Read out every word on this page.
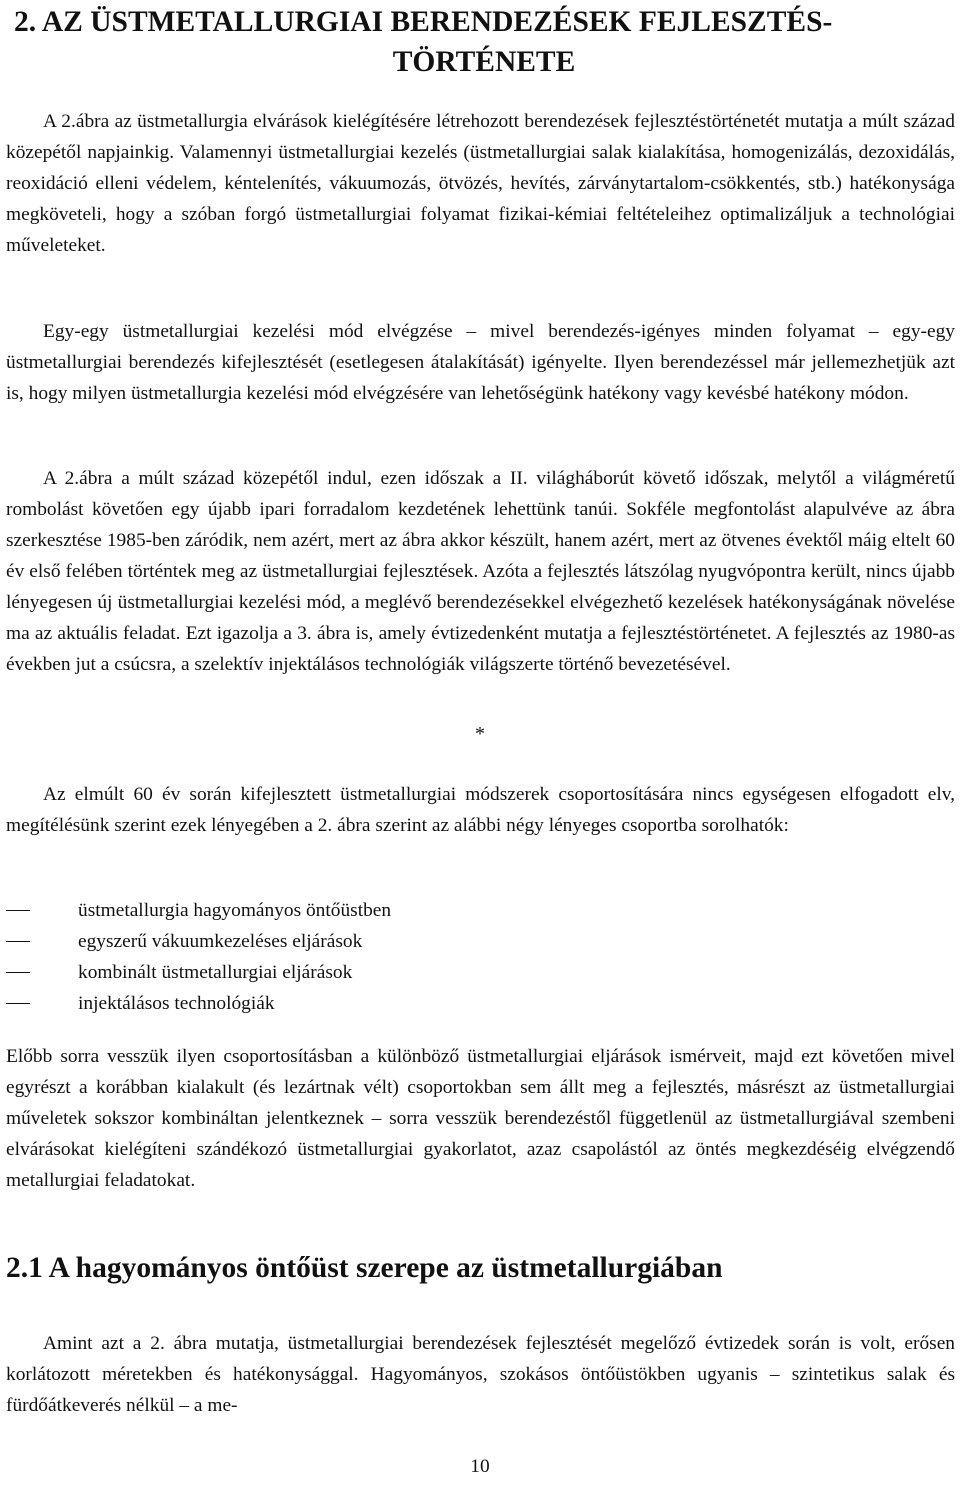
2. AZ ÜSTMETALLURGIAI BERENDEZÉSEK FEJLESZTÉS-
TÖRTÉNETE

A 2.ábra az üstmetallurgia elvárások kielégítésére létrehozott berendezések fejlesztéstörténetét mutatja a múlt század közepétől napjainkig. Valamennyi üstmetallurgiai kezelés (üstmetallurgiai salak kialakítása, homogenizálás, dezoxidálás, reoxidáció elleni védelem, kéntelenítés, vákuumozás, ötvözés, hevítés, zárványtartalom-csökkentés, stb.) hatékonysága megköveteli, hogy a szóban forgó üstmetallurgiai folyamat fizikai-kémiai feltételeihez optimalizáljuk a technológiai műveleteket.

Egy-egy üstmetallurgiai kezelési mód elvégzése ‒ mivel berendezés-igényes minden folyamat ‒ egy-egy üstmetallurgiai berendezés kifejlesztését (esetlegesen átalakítását) igényelte. Ilyen berendezéssel már jellemezhetjük azt is, hogy milyen üstmetallurgia kezelési mód elvégzésére van lehetőségünk hatékony vagy kevésbé hatékony módon.

A 2.ábra a múlt század közepétől indul, ezen időszak a II. világháborút követő időszak, melytől a világméretű rombolást követően egy újabb ipari forradalom kezdetének lehettünk tanúi. Sokféle megfontolást alapulvéve az ábra szerkesztése 1985-ben záródik, nem azért, mert az ábra akkor készült, hanem azért, mert az ötvenes évektől máig eltelt 60 év első felében történtek meg az üstmetallurgiai fejlesztések. Azóta a fejlesztés látszólag nyugvópontra került, nincs újabb lényegesen új üstmetallurgiai kezelési mód, a meglévő berendezésekkel elvégezhető kezelések hatékonyságának növelése ma az aktuális feladat. Ezt igazolja a 3. ábra is, amely évtizedenként mutatja a fejlesztéstörténetet. A fejlesztés az 1980-as években jut a csúcsra, a szelektív injektálásos technológiák világszerte történő bevezetésével.

*

Az elmúlt 60 év során kifejlesztett üstmetallurgiai módszerek csoportosítására nincs egységesen elfogadott elv, megítélésünk szerint ezek lényegében a 2. ábra szerint az alábbi négy lényeges csoportba sorolhatók:

üstmetallurgia hagyományos öntőüstben
egyszerű vákuumkezeléses eljárások
kombinált üstmetallurgiai eljárások
injektálásos technológiák

Előbb sorra vesszük ilyen csoportosításban a különböző üstmetallurgiai eljárások ismérveit, majd ezt követően mivel egyrészt a korábban kialakult (és lezártnak vélt) csoportokban sem állt meg a fejlesztés, másrészt az üstmetallurgiai műveletek sokszor kombináltan jelentkeznek ‒ sorra vesszük berendezéstől függetlenül az üstmetallurgiával szembeni elvárásokat kielégíteni szándékozó üstmetallurgiai gyakorlatot, azaz csapolástól az öntés megkezdéséig elvégzendő metallurgiai feladatokat.

2.1 A hagyományos öntőüst szerepe az üstmetallurgiában

Amint azt a 2. ábra mutatja, üstmetallurgiai berendezések fejlesztését megelőző évtizedek során is volt, erősen korlátozott méretekben és hatékonysággal. Hagyományos, szokásos öntőüstökben ugyanis ‒ szintetikus salak és fürdőátkeverés nélkül ‒ a me-

10
